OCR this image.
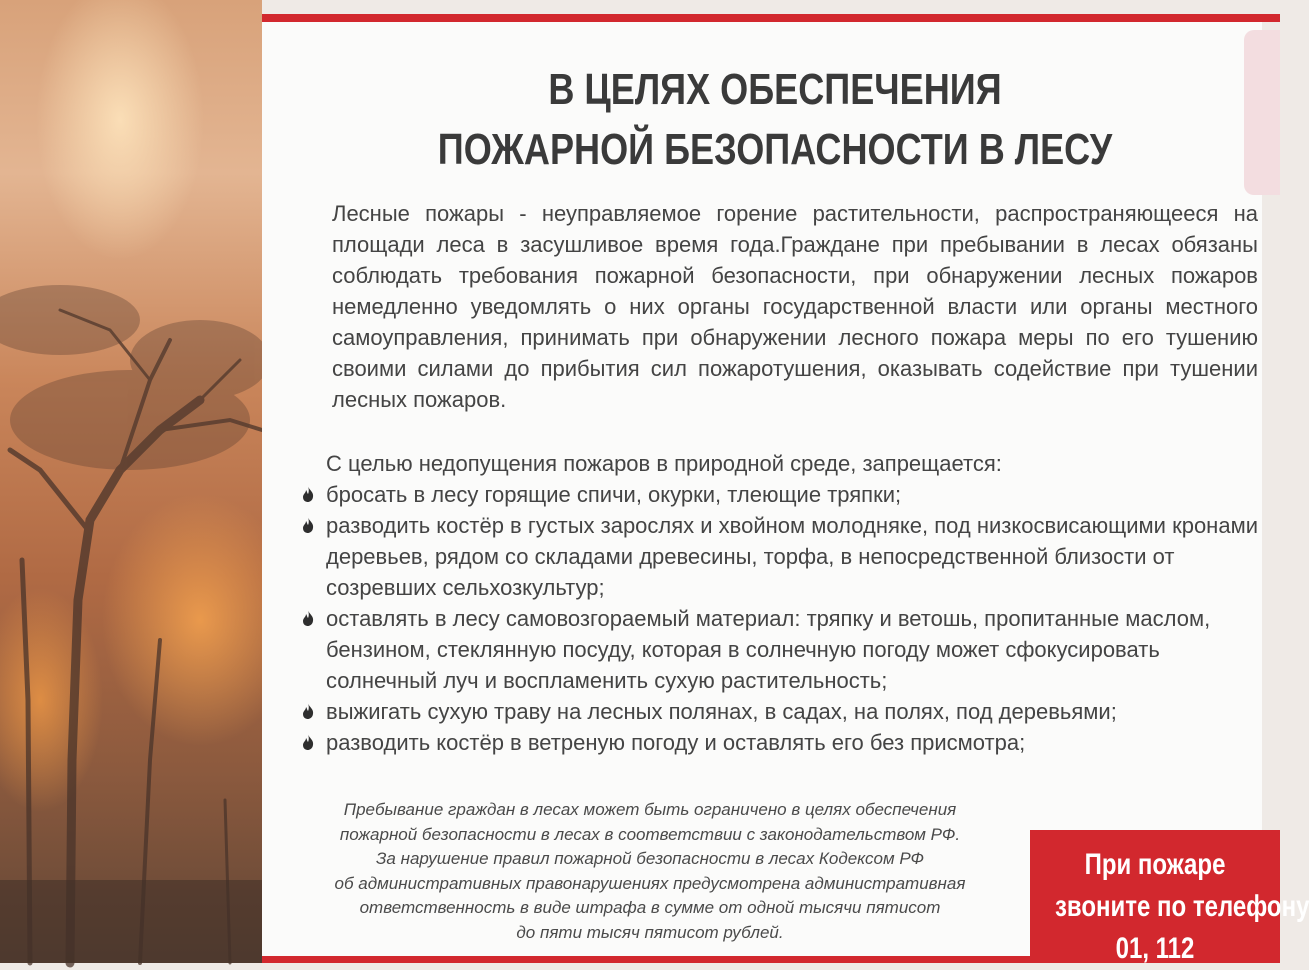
В ЦЕЛЯХ ОБЕСПЕЧЕНИЯ
ПОЖАРНОЙ БЕЗОПАСНОСТИ В ЛЕСУ

Лесные пожары - неуправляемое горение растительности, распространяющееся на площади леса в засушливое время года.Граждане при пребывании в лесах обязаны соблюдать требования пожарной безопасности, при обнаружении лесных пожаров немедленно уведомлять о них органы государственной власти или органы местного самоуправления, принимать при обнаружении лесного пожара меры по его тушению своими силами до прибытия сил пожаротушения, оказывать содействие при тушении лесных пожаров.

С целью недопущения пожаров в природной среде, запрещается:

бросать в лесу горящие спичи, окурки, тлеющие тряпки;
разводить костёр в густых зарослях и хвойном молодняке, под низкосвисающими кронами деревьев, рядом со складами древесины, торфа, в непосредственной близости от созревших сельхозкультур;
оставлять в лесу самовозгораемый материал: тряпку и ветошь, пропитанные маслом, бензином, стеклянную посуду, которая в солнечную погоду может сфокусировать солнечный луч и воспламенить сухую растительность;
выжигать сухую траву на лесных полянах, в садах, на полях, под деревьями;
разводить костёр в ветреную погоду и оставлять его без присмотра;

Пребывание граждан в лесах может быть ограничено в целях обеспечения
пожарной безопасности в лесах в соответствии с законодательством РФ.
За нарушение правил пожарной безопасности в лесах Кодексом РФ
об административных правонарушениях предусмотрена административная
ответственность в виде штрафа в сумме от одной тысячи пятисот
до пяти тысяч пятисот рублей.

При пожаре
звоните по телефону
01, 112
